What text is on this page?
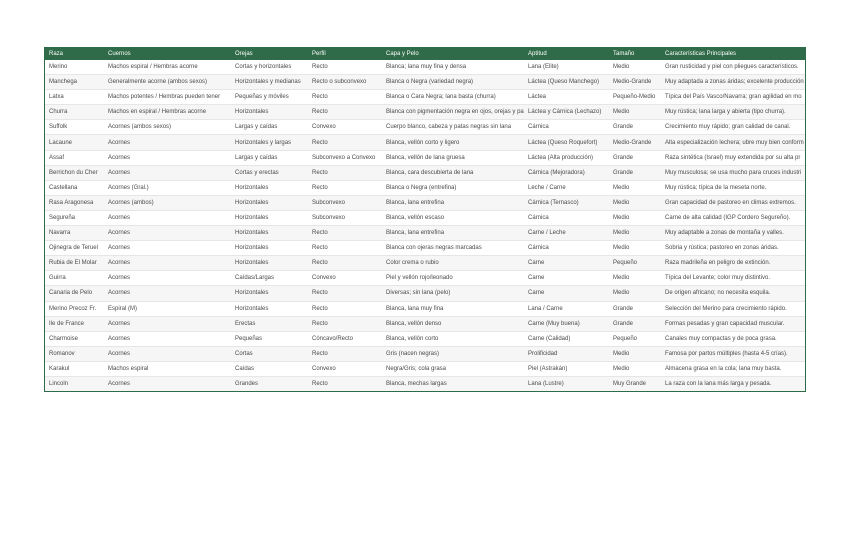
Raza	Cuernos	Orejas	Perfil	Capa y Pelo	Aptitud	Tamaño	Características Principales
Merino	Machos espiral / Hembras acorne	Cortas y horizontales	Recto	Blanca; lana muy fina y densa	Lana (Elite)	Medio	Gran rusticidad y piel con pliegues característicos.
Manchega	Generalmente acorne (ambos sexos)	Horizontales y medianas	Recto o subconvexo	Blanca o Negra (variedad negra)	Láctea (Queso Manchego)	Medio-Grande	Muy adaptada a zonas áridas; excelente producción
Latxa	Machos potentes / Hembras pueden tener	Pequeñas y móviles	Recto	Blanca o Cara Negra; lana basta (churra)	Láctea	Pequeño-Medio	Típica del País Vasco/Navarra; gran agilidad en mo
Churra	Machos en espiral / Hembras acorne	Horizontales	Recto	Blanca con pigmentación negra en ojos, orejas y pa	Láctea y Cárnica (Lechazo)	Medio	Muy rústica; lana larga y abierta (tipo churra).
Suffolk	Acornes (ambos sexos)	Largas y caídas	Convexo	Cuerpo blanco, cabeza y patas negras sin lana	Cárnica	Grande	Crecimiento muy rápido; gran calidad de canal.
Lacaune	Acornes	Horizontales y largas	Recto	Blanca, vellón corto y ligero	Láctea (Queso Roquefort)	Medio-Grande	Alta especialización lechera; ubre muy bien conform
Assaf	Acornes	Largas y caídas	Subconvexo a Convexo	Blanca, vellón de lana gruesa	Láctea (Alta producción)	Grande	Raza sintética (Israel) muy extendida por su alta pr
Berrichon du Cher	Acornes	Cortas y erectas	Recto	Blanca, cara descubierta de lana	Cárnica (Mejoradora)	Grande	Muy musculosa; se usa mucho para cruces industri
Castellana	Acornes (Gral.)	Horizontales	Recto	Blanca o Negra (entrefina)	Leche / Carne	Medio	Muy rústica; típica de la meseta norte.
Rasa Aragonesa	Acornes (ambos)	Horizontales	Subconvexo	Blanca, lana entrefina	Cárnica (Ternasco)	Medio	Gran capacidad de pastoreo en climas extremos.
Segureña	Acornes	Horizontales	Subconvexo	Blanca, vellón escaso	Cárnica	Medio	Carne de alta calidad (IGP Cordero Segureño).
Navarra	Acornes	Horizontales	Recto	Blanca, lana entrefina	Carne / Leche	Medio	Muy adaptable a zonas de montaña y valles.
Ojinegra de Teruel	Acornes	Horizontales	Recto	Blanca con ojeras negras marcadas	Cárnica	Medio	Sobria y rústica; pastoreo en zonas áridas.
Rubia de El Molar	Acornes	Horizontales	Recto	Color crema o rubio	Carne	Pequeño	Raza madrileña en peligro de extinción.
Guirra	Acornes	Caídas/Largas	Convexo	Piel y vellón rojo/leonado	Carne	Medio	Típica del Levante; color muy distintivo.
Canaria de Pelo	Acornes	Horizontales	Recto	Diversas; sin lana (pelo)	Carne	Medio	De origen africano; no necesita esquila.
Merino Precoz Fr.	Espiral (M)	Horizontales	Recto	Blanca, lana muy fina	Lana / Carne	Grande	Selección del Merino para crecimiento rápido.
Ile de France	Acornes	Erectas	Recto	Blanca, vellón denso	Carne (Muy buena)	Grande	Formas pesadas y gran capacidad muscular.
Charmoise	Acornes	Pequeñas	Cóncavo/Recto	Blanca, vellón corto	Carne (Calidad)	Pequeño	Canales muy compactas y de poca grasa.
Romanov	Acornes	Cortas	Recto	Gris (nacen negras)	Prolificidad	Medio	Famosa por partos múltiples (hasta 4-5 crías).
Karakul	Machos espiral	Caídas	Convexo	Negra/Gris; cola grasa	Piel (Astrakán)	Medio	Almacena grasa en la cola; lana muy basta.
Lincoln	Acornes	Grandes	Recto	Blanca, mechas largas	Lana (Lustre)	Muy Grande	La raza con la lana más larga y pesada.
